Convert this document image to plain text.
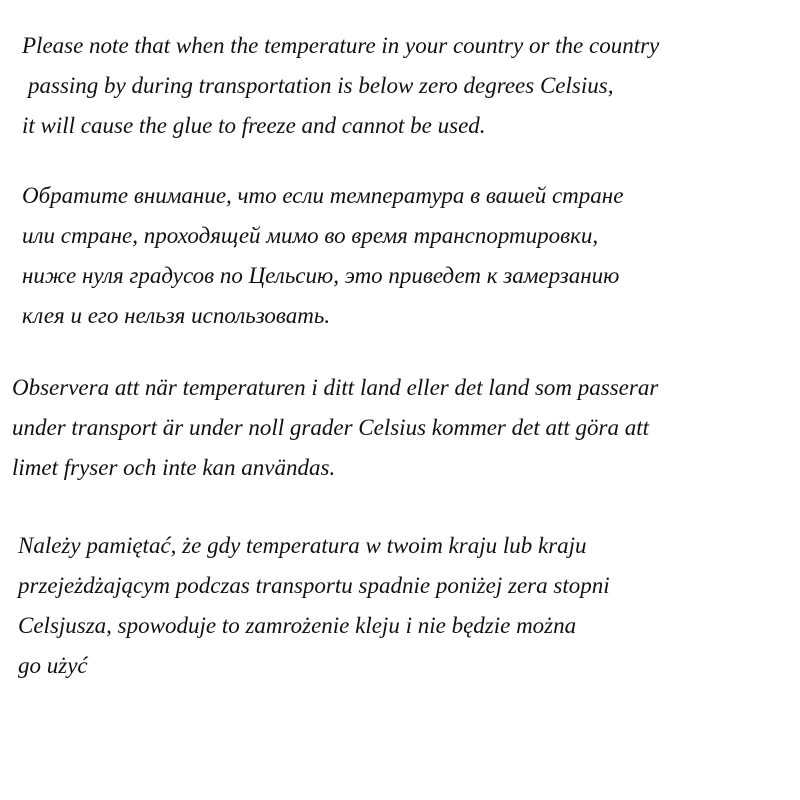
Please note that when the temperature in your country or the country
passing by during transportation is below zero degrees Celsius,
it will cause the glue to freeze and cannot be used.
Обратите внимание, что если температура в вашей стране
или стране, проходящей мимо во время транспортировки,
ниже нуля градусов по Цельсию, это приведет к замерзанию
клея и его нельзя использовать.
Observera att när temperaturen i ditt land eller det land som passerar
under transport är under noll grader Celsius kommer det att göra att
limet fryser och inte kan användas.
Należy pamiętać, że gdy temperatura w twoim kraju lub kraju
przejeżdżającym podczas transportu spadnie poniżej zera stopni
Celsjusza, spowoduje to zamrożenie kleju i nie będzie można
go użyć
